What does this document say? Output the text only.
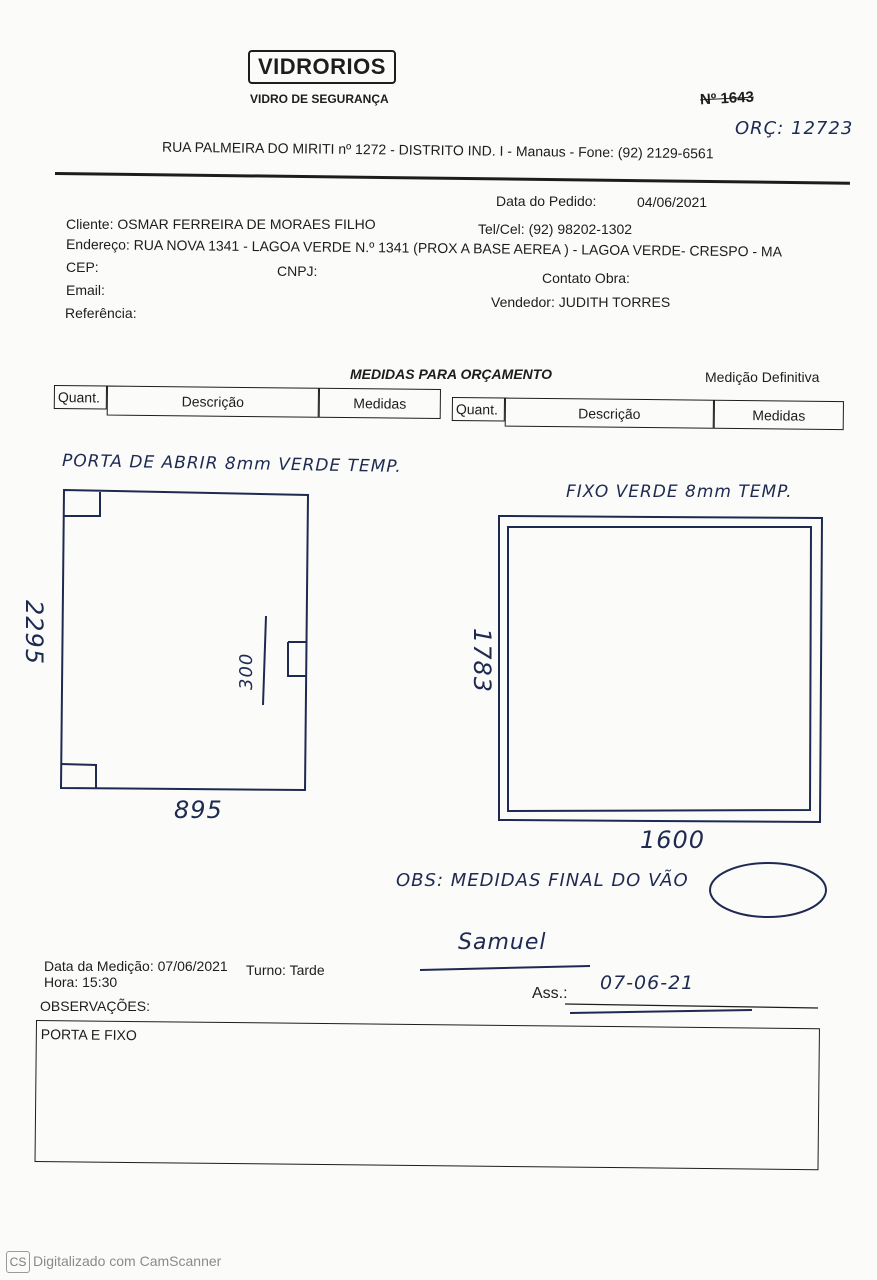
VIDRORIOS
VIDRO DE SEGURANÇA	Nº 1643
ORÇ: 12723
RUA PALMEIRA DO MIRITI nº 1272 - DISTRITO IND. I - Manaus - Fone: (92) 2129-6561
Data do Pedido:	04/06/2021
Cliente: OSMAR FERREIRA DE MORAES FILHO	Tel/Cel: (92) 98202-1302
Endereço: RUA NOVA 1341 - LAGOA VERDE N.º 1341 (PROX A BASE AEREA ) - LAGOA VERDE- CRESPO - MA
CEP:	CNPJ:	Contato Obra:
Email:
Vendedor: JUDITH TORRES
Referência:
MEDIDAS PARA ORÇAMENTO	Medição Definitiva
Quant.	Descrição	Medidas	Quant.	Descrição	Medidas
PORTA DE ABRIR 8mm VERDE TEMP.
FIXO VERDE 8mm TEMP.
2295
895
300	1783
1600
OBS: MEDIDAS FINAL DO VÃO
Data da Medição: 07/06/2021 Turno: Tarde
Hora: 15:30
Samuel
Ass.: 07-06-21
OBSERVAÇÕES:
PORTA E FIXO
CS Digitalizado com CamScanner
